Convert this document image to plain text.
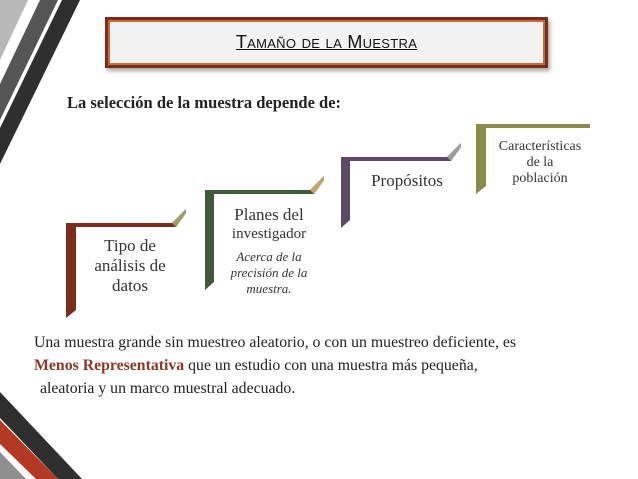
Tamaño de la Muestra
La selección de la muestra depende de:
Tipo de
análisis de
datos
Planes del
investigador
Acerca de la
precisión de la
muestra.
Propósitos
Características
de la
población
Una muestra grande sin muestreo aleatorio, o con un muestreo deficiente, es
Menos Representativa que un estudio con una muestra más pequeña,
aleatoria y un marco muestral adecuado.
